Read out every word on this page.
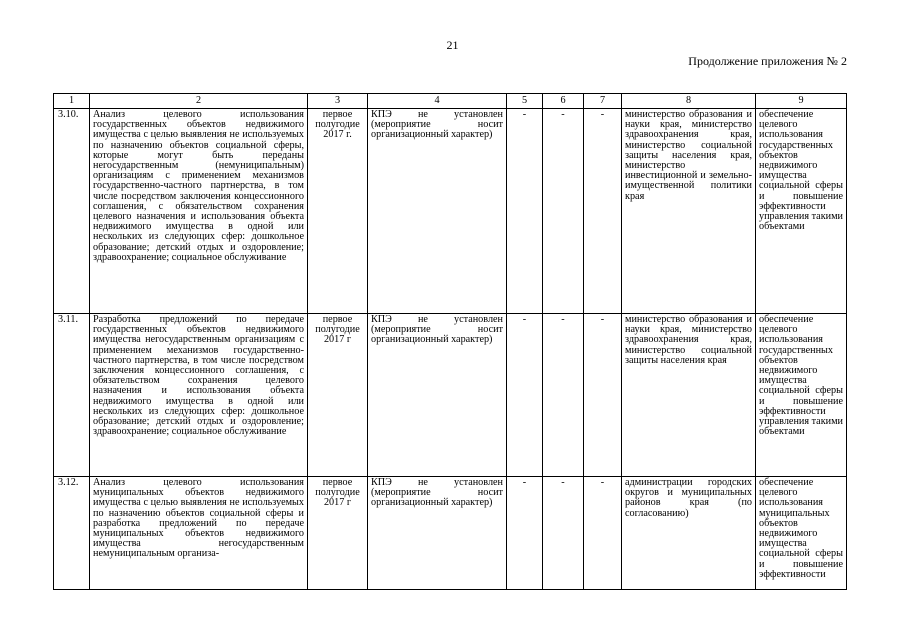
21
Продолжение приложения № 2
1	2	3	4	5	6	7	8	9
3.10.	Анализ целевого использования государственных объектов недвижимого имущества с целью выявления не используемых по назначению объектов социальной сферы, которые могут быть переданы негосударственным (немуниципальным) организациям с применением механизмов государственно-частного партнерства, в том числе посредством заключения концессионного соглашения, с обязательством сохранения целевого назначения и использования объекта недвижимого имущества в одной или нескольких из следующих сфер: дошкольное образование; детский отдых и оздоровление; здравоохранение; социальное обслуживание	первое полугодие 2017 г.	КПЭ не установлен (мероприятие носит организационный характер)	-	-	-	министерство образования и науки края, министерство здравоохранения края, министерство социальной защиты населения края, министерство инвестиционной и земельно-имущественной политики края	обеспечение целевого использования государственных объектов недвижимого имущества социальной сферы и повышение эффективности управления такими объектами
3.11.	Разработка предложений по передаче государственных объектов недвижимого имущества негосударственным организациям с применением механизмов государственно-частного партнерства, в том числе посредством заключения концессионного соглашения, с обязательством сохранения целевого назначения и использования объекта недвижимого имущества в одной или нескольких из следующих сфер: дошкольное образование; детский отдых и оздоровление; здравоохранение; социальное обслуживание	первое полугодие 2017 г	КПЭ не установлен (мероприятие носит организационный характер)	-	-	-	министерство образования и науки края, министерство здравоохранения края, министерство социальной защиты населения края	обеспечение целевого использования государственных объектов недвижимого имущества социальной сферы и повышение эффективности управления такими объектами
3.12.	Анализ целевого использования муниципальных объектов недвижимого имущества с целью выявления не используемых по назначению объектов социальной сферы и разработка предложений по передаче муниципальных объектов недвижимого имущества негосударственным немуниципальным организа-	первое полугодие 2017 г	КПЭ не установлен (мероприятие носит организационный характер)	-	-	-	администрации городских округов и муниципальных районов края (по согласованию)	обеспечение целевого использования муниципальных объектов недвижимого имущества социальной сферы и повышение эффективности
